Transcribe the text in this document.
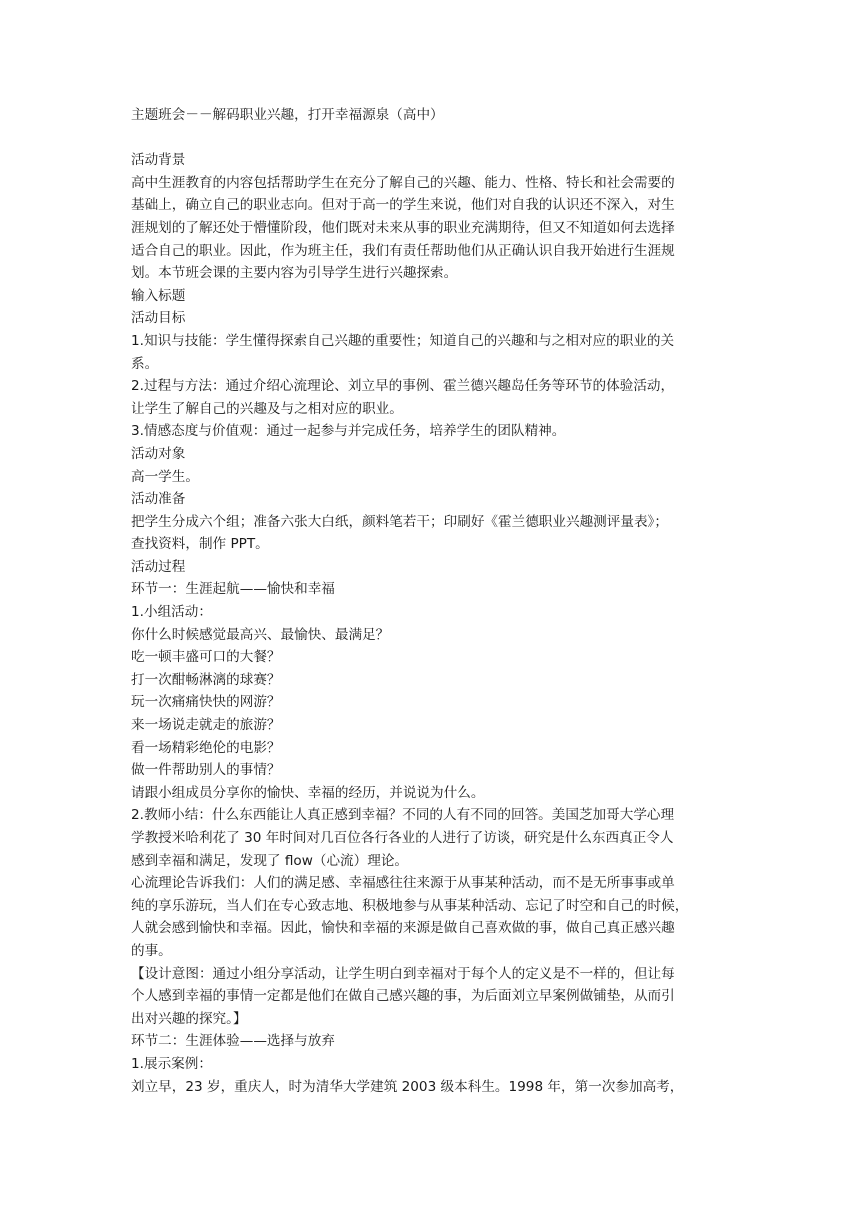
主题班会－－解码职业兴趣，打开幸福源泉（高中）
活动背景
高中生涯教育的内容包括帮助学生在充分了解自己的兴趣、能力、性格、特长和社会需要的
基础上，确立自己的职业志向。但对于高一的学生来说，他们对自我的认识还不深入，对生
涯规划的了解还处于懵懂阶段，他们既对未来从事的职业充满期待，但又不知道如何去选择
适合自己的职业。因此，作为班主任，我们有责任帮助他们从正确认识自我开始进行生涯规
划。本节班会课的主要内容为引导学生进行兴趣探索。
输入标题
活动目标
1.知识与技能：学生懂得探索自己兴趣的重要性；知道自己的兴趣和与之相对应的职业的关
系。
2.过程与方法：通过介绍心流理论、刘立早的事例、霍兰德兴趣岛任务等环节的体验活动，
让学生了解自己的兴趣及与之相对应的职业。
3.情感态度与价值观：通过一起参与并完成任务，培养学生的团队精神。
活动对象
高一学生。
活动准备
把学生分成六个组；准备六张大白纸，颜料笔若干；印刷好《霍兰德职业兴趣测评量表》；
查找资料，制作 PPT。
活动过程
环节一：生涯起航——愉快和幸福
1.小组活动：
你什么时候感觉最高兴、最愉快、最满足？
吃一顿丰盛可口的大餐？
打一次酣畅淋漓的球赛？
玩一次痛痛快快的网游？
来一场说走就走的旅游？
看一场精彩绝伦的电影？
做一件帮助别人的事情？
请跟小组成员分享你的愉快、幸福的经历，并说说为什么。
2.教师小结：什么东西能让人真正感到幸福？不同的人有不同的回答。美国芝加哥大学心理
学教授米哈利花了 30 年时间对几百位各行各业的人进行了访谈，研究是什么东西真正令人
感到幸福和满足，发现了 flow（心流）理论。
心流理论告诉我们：人们的满足感、幸福感往往来源于从事某种活动，而不是无所事事或单
纯的享乐游玩，当人们在专心致志地、积极地参与从事某种活动、忘记了时空和自己的时候，
人就会感到愉快和幸福。因此，愉快和幸福的来源是做自己喜欢做的事，做自己真正感兴趣
的事。
【设计意图：通过小组分享活动，让学生明白到幸福对于每个人的定义是不一样的，但让每
个人感到幸福的事情一定都是他们在做自己感兴趣的事，为后面刘立早案例做铺垫，从而引
出对兴趣的探究。】
环节二：生涯体验——选择与放弃
1.展示案例：
刘立早，23 岁，重庆人，时为清华大学建筑 2003 级本科生。1998 年，第一次参加高考，
